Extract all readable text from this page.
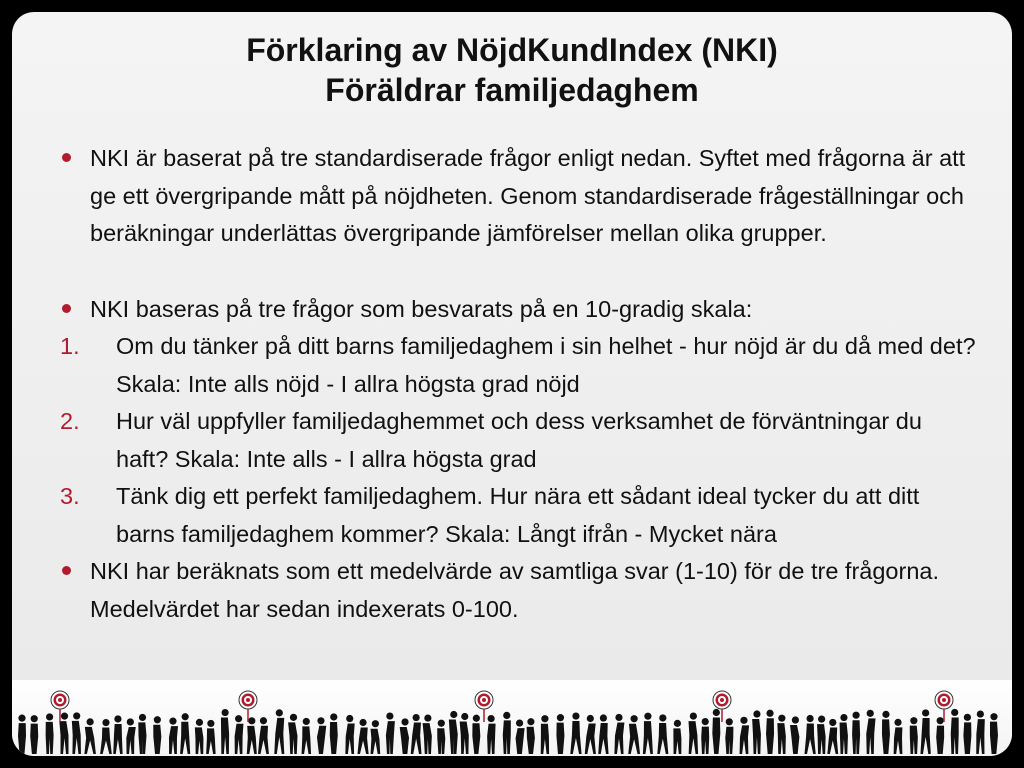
Förklaring av NöjdKundIndex (NKI)
Föräldrar familjedaghem
NKI är baserat på tre standardiserade frågor enligt nedan. Syftet med frågorna är att ge ett övergripande mått på nöjdheten. Genom standardiserade frågeställningar och beräkningar underlättas övergripande jämförelser mellan olika grupper.
NKI baseras på tre frågor som besvarats på en 10-gradig skala:
1. Om du tänker på ditt barns familjedaghem i sin helhet - hur nöjd är du då med det? Skala: Inte alls nöjd - I allra högsta grad nöjd
2. Hur väl uppfyller familjedaghemmet och dess verksamhet de förväntningar du haft? Skala: Inte alls - I allra högsta grad
3. Tänk dig ett perfekt familjedaghem. Hur nära ett sådant ideal tycker du att ditt barns familjedaghem kommer? Skala: Långt ifrån - Mycket nära
NKI har beräknats som ett medelvärde av samtliga svar (1-10) för de tre frågorna. Medelvärdet har sedan indexerats 0-100.
